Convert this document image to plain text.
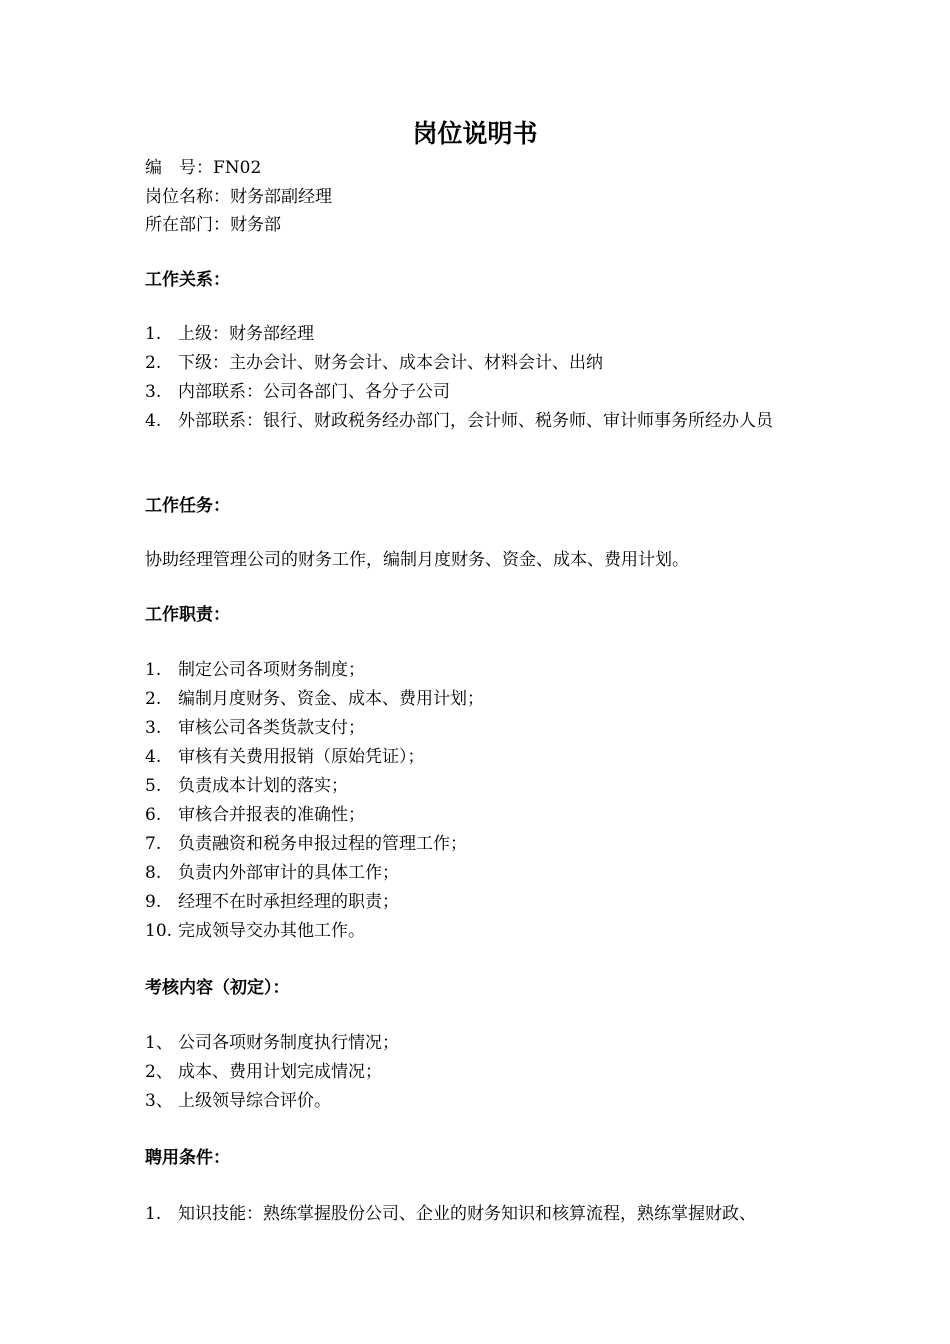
岗位说明书
编　号：FN02
岗位名称：财务部副经理
所在部门：财务部
工作关系：
1. 上级：财务部经理
2. 下级：主办会计、财务会计、成本会计、材料会计、出纳
3. 内部联系：公司各部门、各分子公司
4. 外部联系：银行、财政税务经办部门，会计师、税务师、审计师事务所经办人员
工作任务：
协助经理管理公司的财务工作，编制月度财务、资金、成本、费用计划。
工作职责：
1. 制定公司各项财务制度；
2. 编制月度财务、资金、成本、费用计划；
3. 审核公司各类货款支付；
4. 审核有关费用报销（原始凭证）；
5. 负责成本计划的落实；
6. 审核合并报表的准确性；
7. 负责融资和税务申报过程的管理工作；
8. 负责内外部审计的具体工作；
9. 经理不在时承担经理的职责；
10. 完成领导交办其他工作。
考核内容（初定）：
1、 公司各项财务制度执行情况；
2、 成本、费用计划完成情况；
3、 上级领导综合评价。
聘用条件：
1. 知识技能：熟练掌握股份公司、企业的财务知识和核算流程，熟练掌握财政、
